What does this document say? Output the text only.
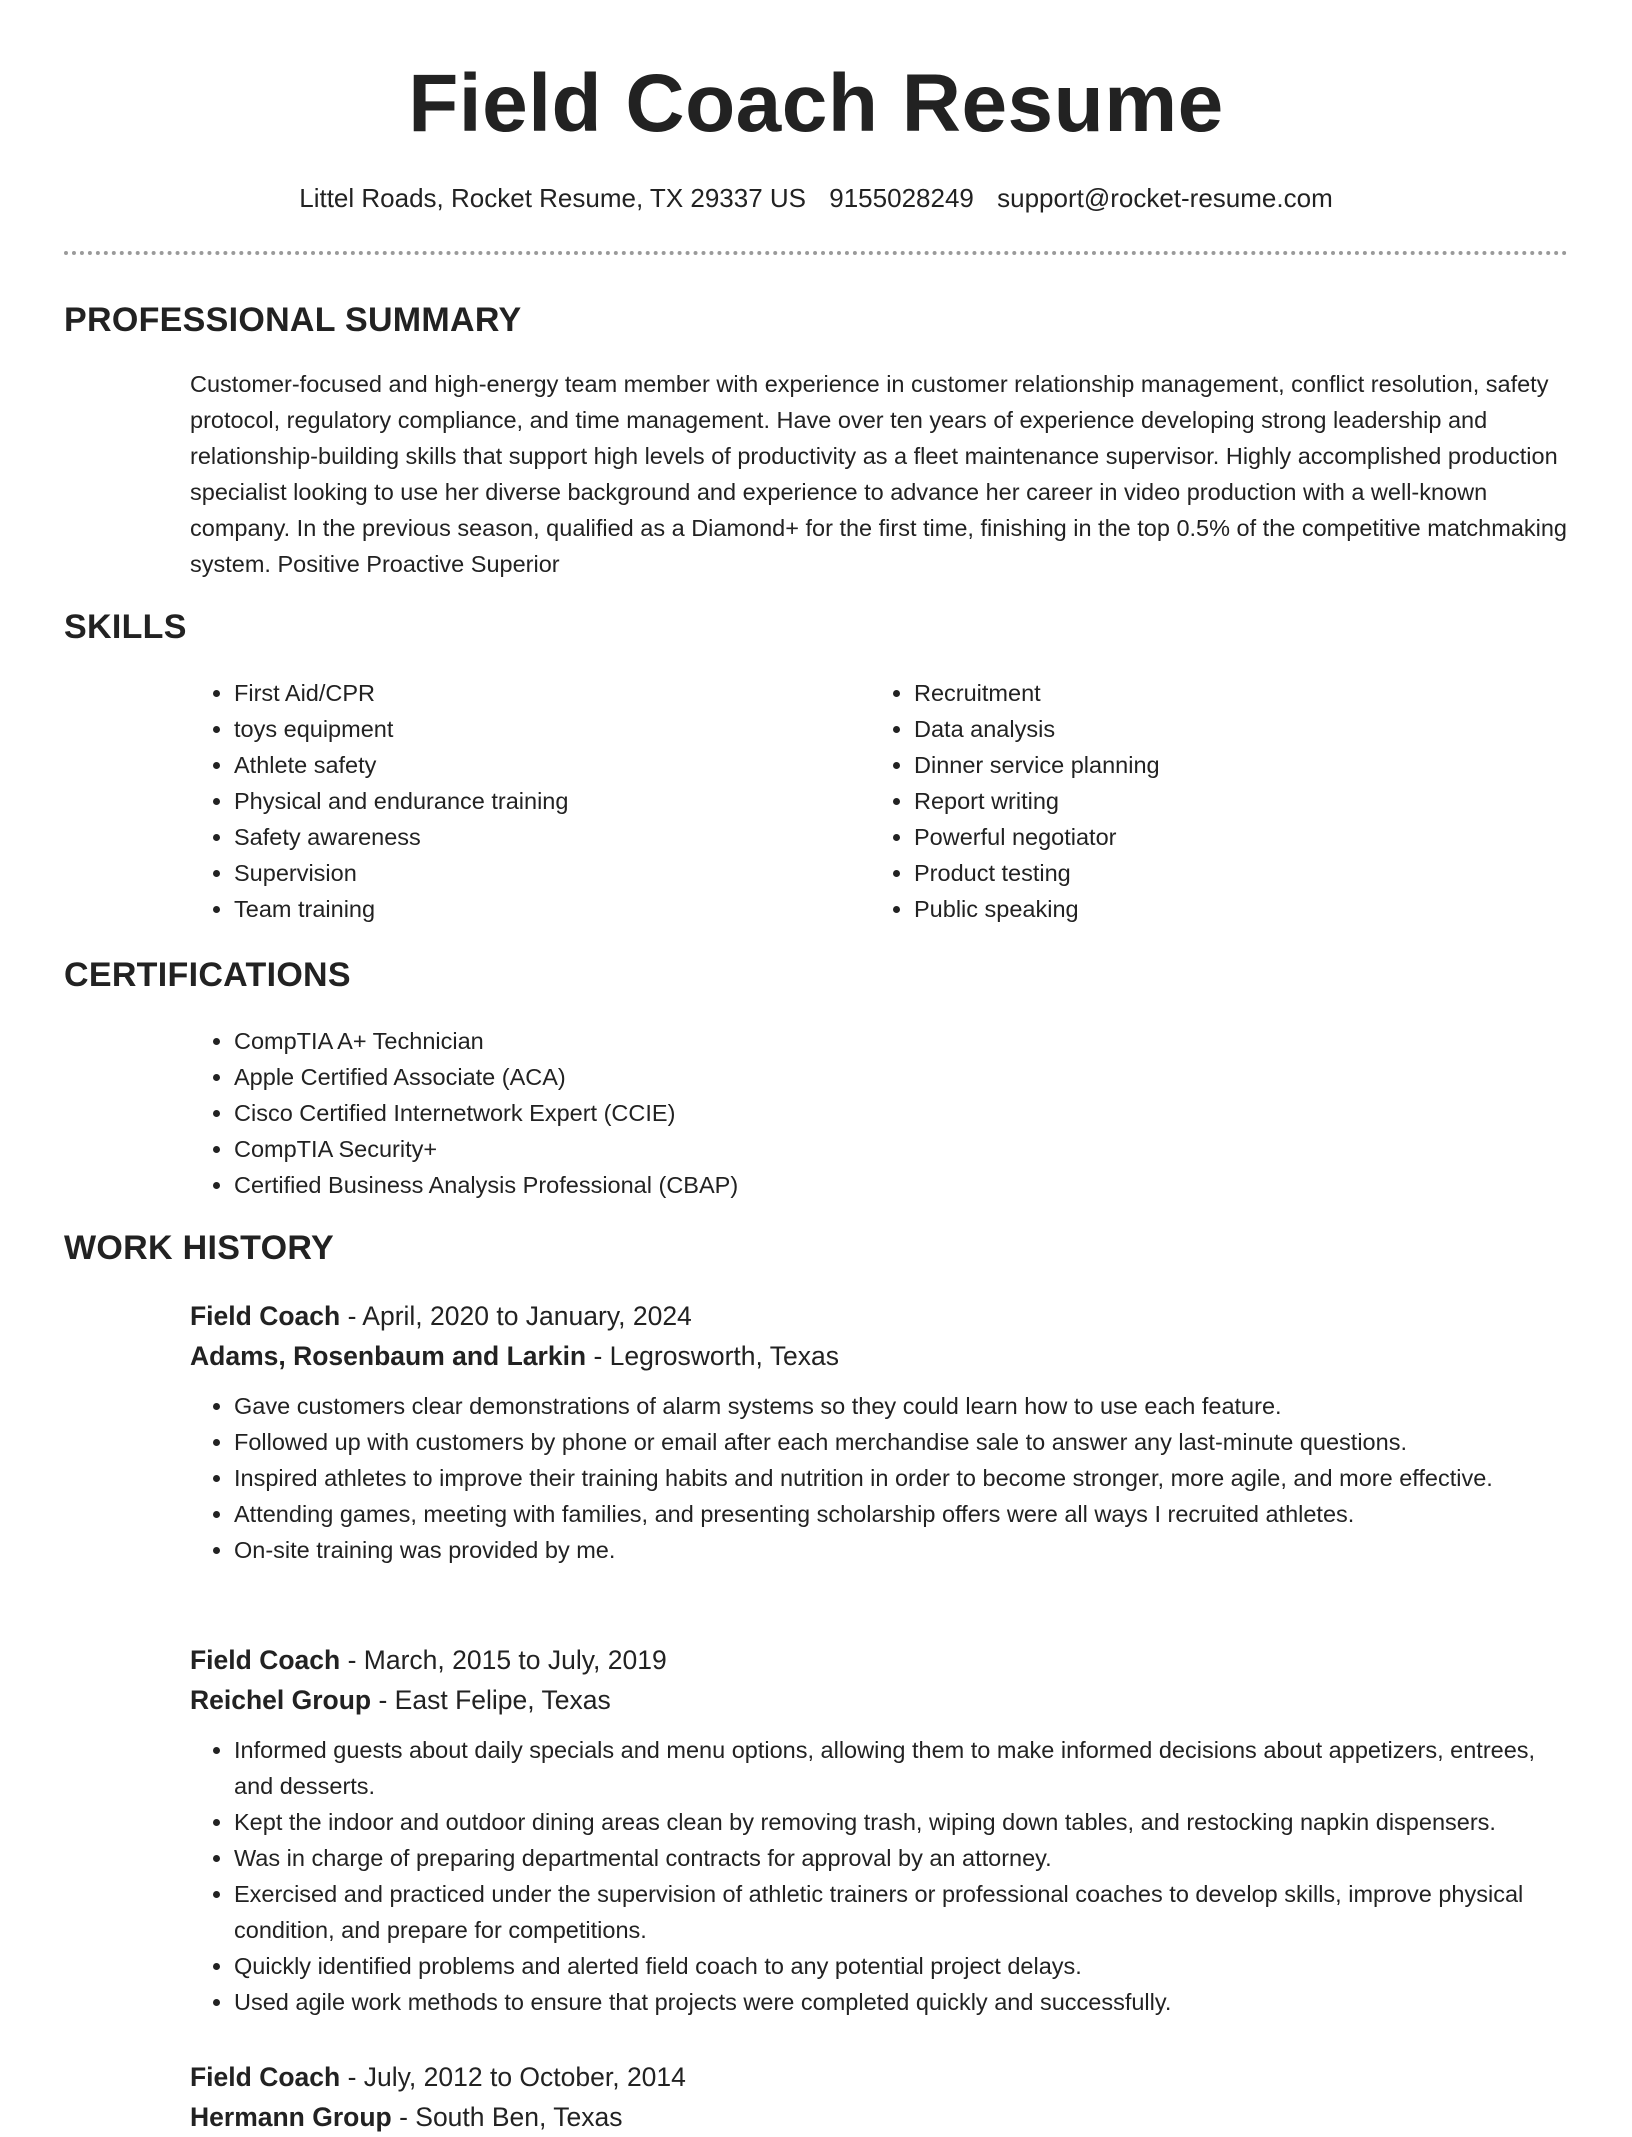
Field Coach Resume

Littel Roads, Rocket Resume, TX 29337 US 9155028249 support@rocket-resume.com

PROFESSIONAL SUMMARY

Customer-focused and high-energy team member with experience in customer relationship management, conflict resolution, safety protocol, regulatory compliance, and time management. Have over ten years of experience developing strong leadership and relationship-building skills that support high levels of productivity as a fleet maintenance supervisor. Highly accomplished production specialist looking to use her diverse background and experience to advance her career in video production with a well-known company. In the previous season, qualified as a Diamond+ for the first time, finishing in the top 0.5% of the competitive matchmaking system. Positive Proactive Superior

SKILLS
• First Aid/CPR
• toys equipment
• Athlete safety
• Physical and endurance training
• Safety awareness
• Supervision
• Team training
• Recruitment
• Data analysis
• Dinner service planning
• Report writing
• Powerful negotiator
• Product testing
• Public speaking
CERTIFICATIONS
• CompTIA A+ Technician
• Apple Certified Associate (ACA)
• Cisco Certified Internetwork Expert (CCIE)
• CompTIA Security+
• Certified Business Analysis Professional (CBAP)
WORK HISTORY

Field Coach - April, 2020 to January, 2024

Adams, Rosenbaum and Larkin - Legrosworth, Texas

• Gave customers clear demonstrations of alarm systems so they could learn how to use each feature.
• Followed up with customers by phone or email after each merchandise sale to answer any last-minute questions.
• Inspired athletes to improve their training habits and nutrition in order to become stronger, more agile, and more effective.
• Attending games, meeting with families, and presenting scholarship offers were all ways I recruited athletes.
• On-site training was provided by me.

Field Coach - March, 2015 to July, 2019

Reichel Group - East Felipe, Texas

• Informed guests about daily specials and menu options, allowing them to make informed decisions about appetizers, entrees, and desserts.
• Kept the indoor and outdoor dining areas clean by removing trash, wiping down tables, and restocking napkin dispensers.
• Was in charge of preparing departmental contracts for approval by an attorney.
• Exercised and practiced under the supervision of athletic trainers or professional coaches to develop skills, improve physical condition, and prepare for competitions.
• Quickly identified problems and alerted field coach to any potential project delays.
• Used agile work methods to ensure that projects were completed quickly and successfully.

Field Coach - July, 2012 to October, 2014

Hermann Group - South Ben, Texas
